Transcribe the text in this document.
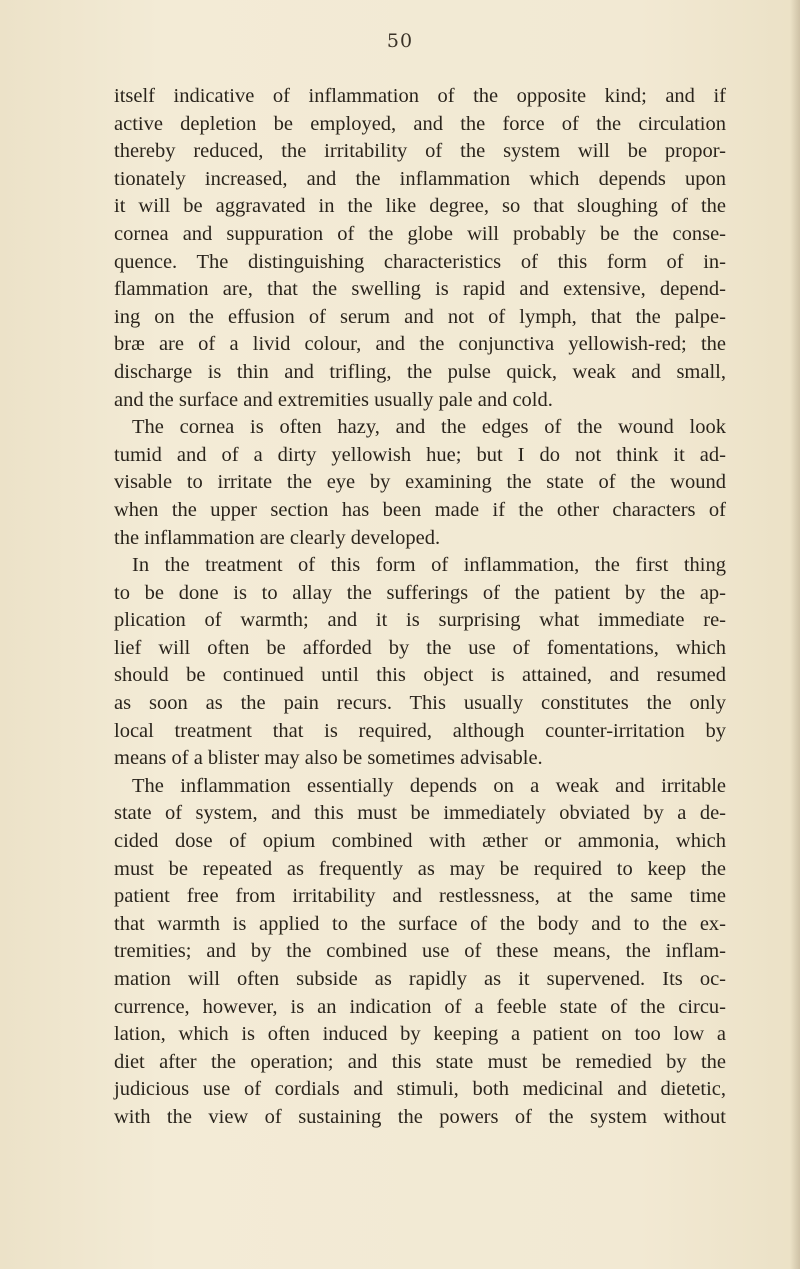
50
itself indicative of inflammation of the opposite kind; and if
active depletion be employed, and the force of the circulation
thereby reduced, the irritability of the system will be propor-
tionately increased, and the inflammation which depends upon
it will be aggravated in the like degree, so that sloughing of the
cornea and suppuration of the globe will probably be the conse-
quence. The distinguishing characteristics of this form of in-
flammation are, that the swelling is rapid and extensive, depend-
ing on the effusion of serum and not of lymph, that the palpe-
bræ are of a livid colour, and the conjunctiva yellowish-red; the
discharge is thin and trifling, the pulse quick, weak and small,
and the surface and extremities usually pale and cold.
The cornea is often hazy, and the edges of the wound look
tumid and of a dirty yellowish hue; but I do not think it ad-
visable to irritate the eye by examining the state of the wound
when the upper section has been made if the other characters of
the inflammation are clearly developed.
In the treatment of this form of inflammation, the first thing
to be done is to allay the sufferings of the patient by the ap-
plication of warmth; and it is surprising what immediate re-
lief will often be afforded by the use of fomentations, which
should be continued until this object is attained, and resumed
as soon as the pain recurs. This usually constitutes the only
local treatment that is required, although counter-irritation by
means of a blister may also be sometimes advisable.
The inflammation essentially depends on a weak and irritable
state of system, and this must be immediately obviated by a de-
cided dose of opium combined with æther or ammonia, which
must be repeated as frequently as may be required to keep the
patient free from irritability and restlessness, at the same time
that warmth is applied to the surface of the body and to the ex-
tremities; and by the combined use of these means, the inflam-
mation will often subside as rapidly as it supervened. Its oc-
currence, however, is an indication of a feeble state of the circu-
lation, which is often induced by keeping a patient on too low a
diet after the operation; and this state must be remedied by the
judicious use of cordials and stimuli, both medicinal and dietetic,
with the view of sustaining the powers of the system without
